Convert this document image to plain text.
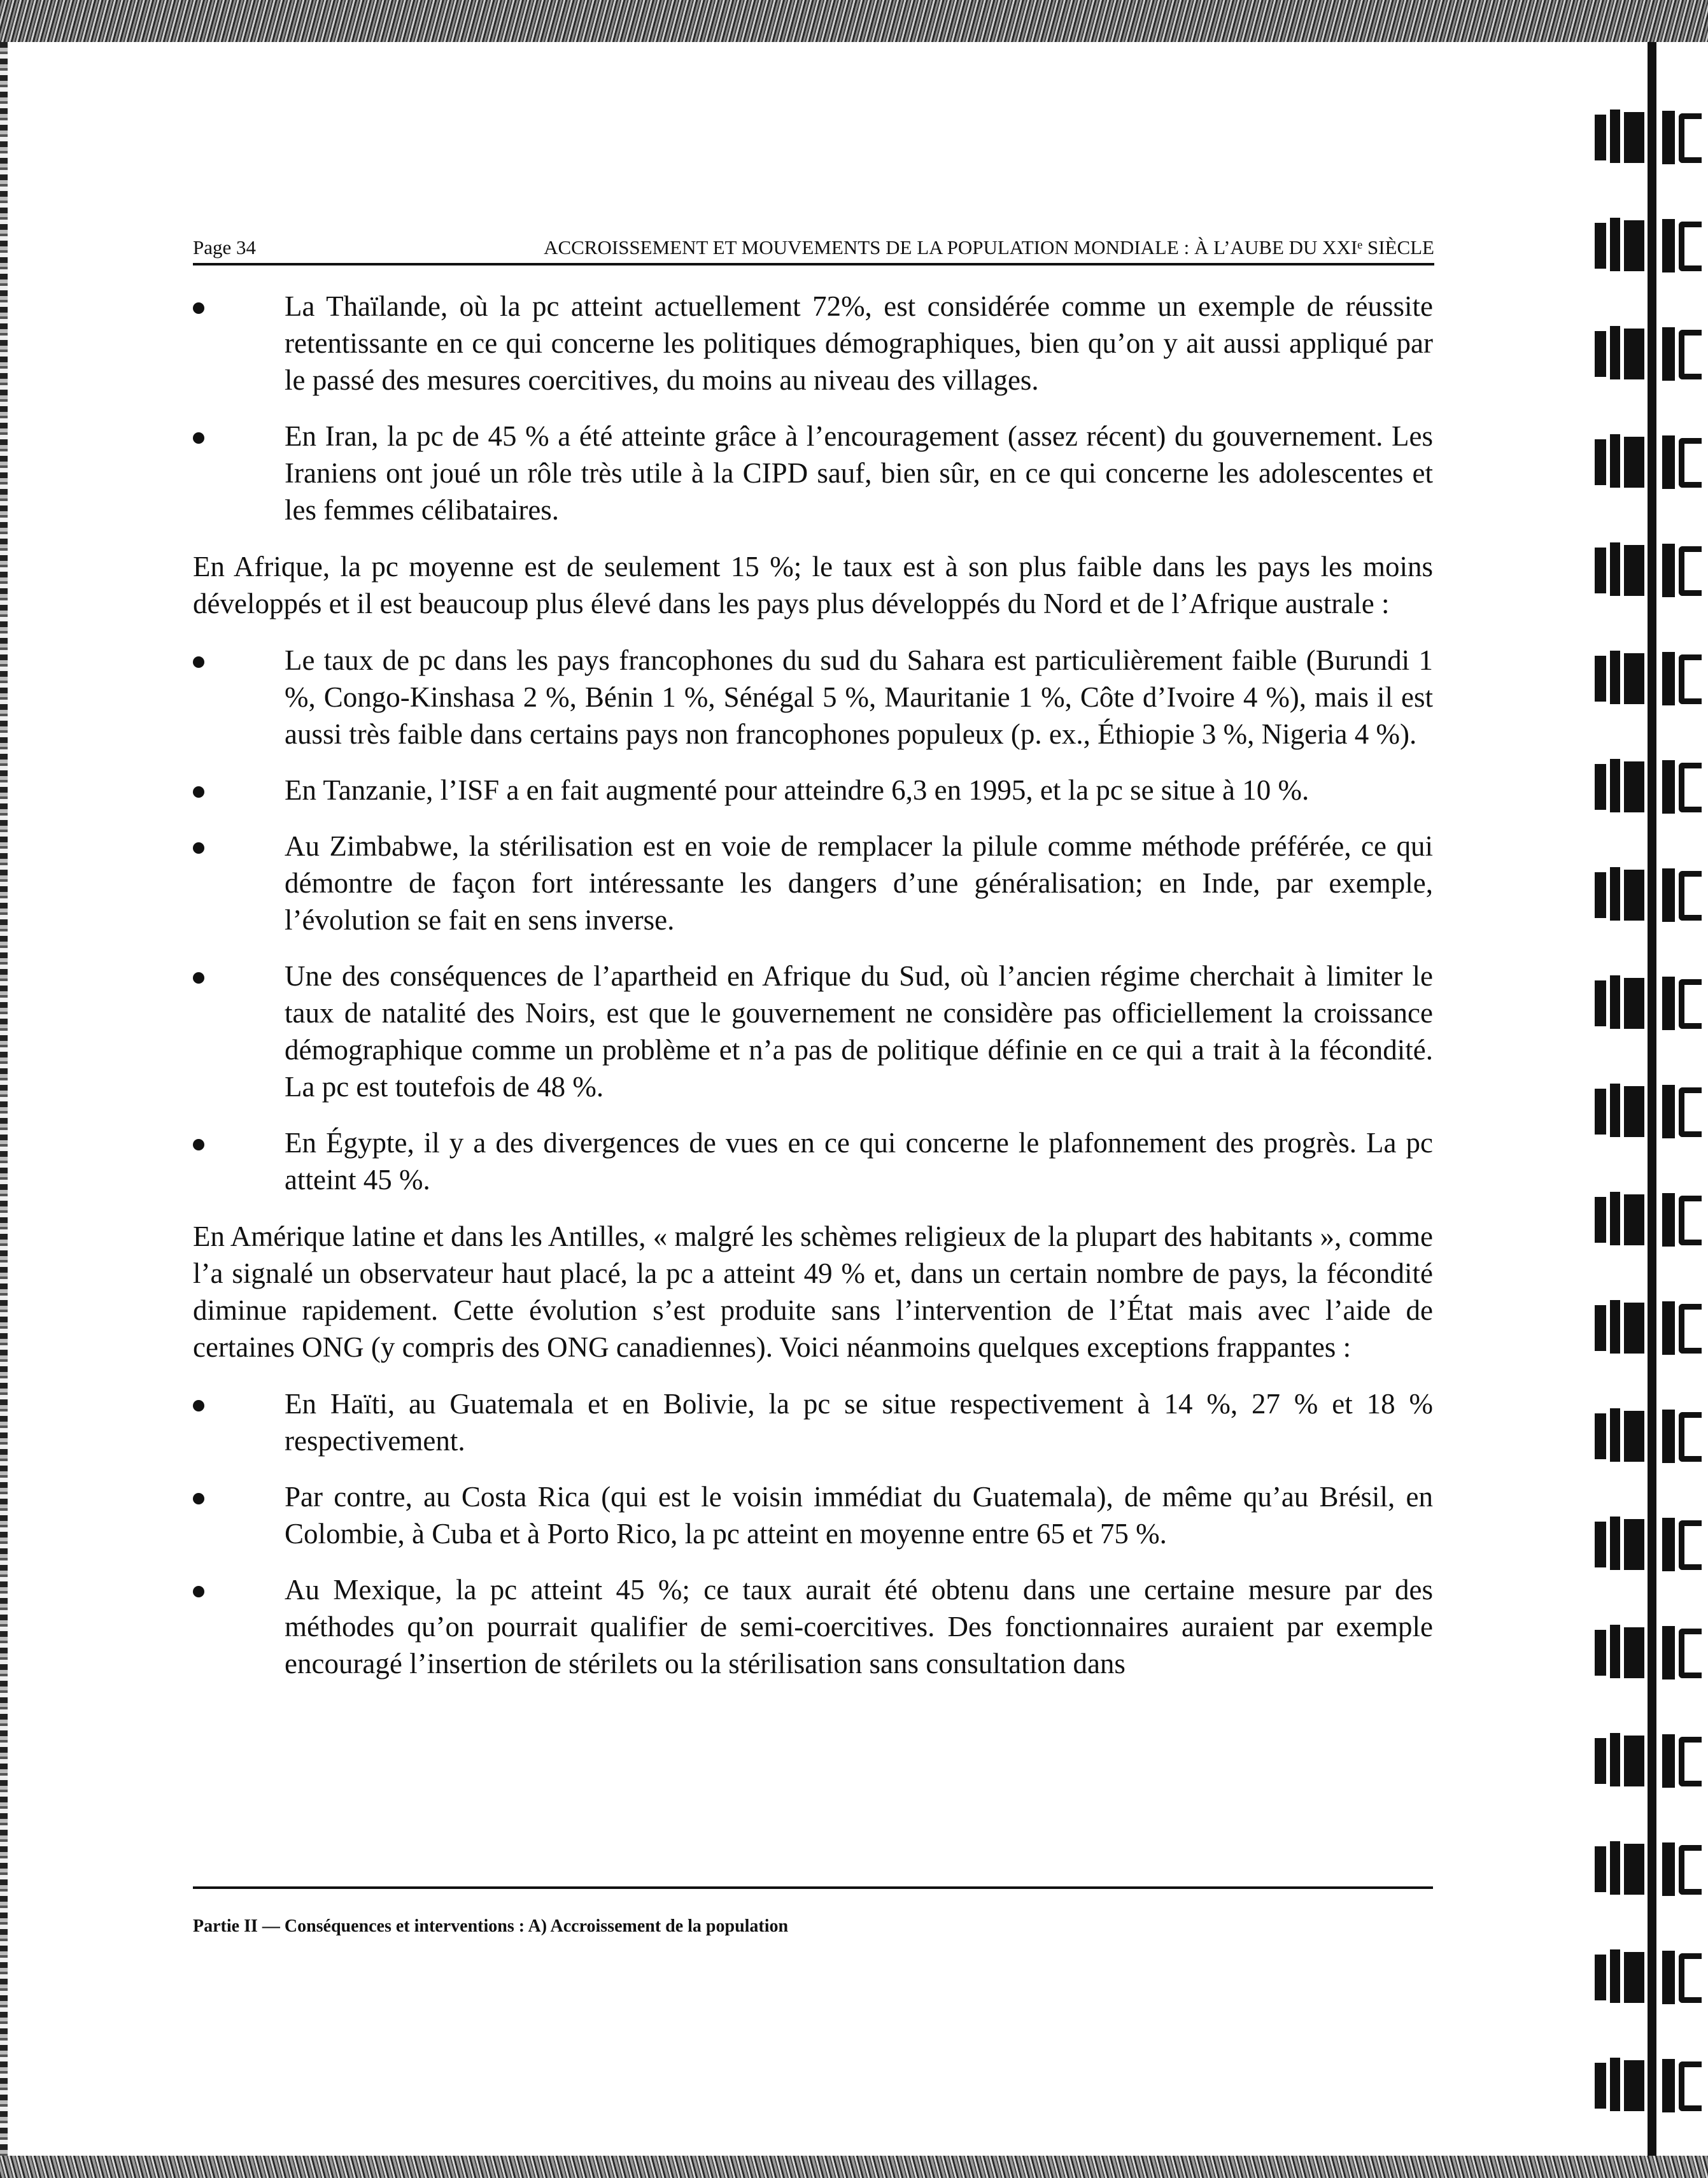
Page 34	ACCROISSEMENT ET MOUVEMENTS DE LA POPULATION MONDIALE : À L’AUBE DU XXIᵉ SIÈCLE
La Thaïlande, où la pc atteint actuellement 72%, est considérée comme un exemple de réussite retentissante en ce qui concerne les politiques démographiques, bien qu’on y ait aussi appliqué par le passé des mesures coercitives, du moins au niveau des villages.
En Iran, la pc de 45 % a été atteinte grâce à l’encouragement (assez récent) du gouvernement. Les Iraniens ont joué un rôle très utile à la CIPD sauf, bien sûr, en ce qui concerne les adolescentes et les femmes célibataires.

En Afrique, la pc moyenne est de seulement 15 %; le taux est à son plus faible dans les pays les moins développés et il est beaucoup plus élevé dans les pays plus développés du Nord et de l’Afrique australe :

Le taux de pc dans les pays francophones du sud du Sahara est particulièrement faible (Burundi 1 %, Congo-Kinshasa 2 %, Bénin 1 %, Sénégal 5 %, Mauritanie 1 %, Côte d’Ivoire 4 %), mais il est aussi très faible dans certains pays non francophones populeux (p. ex., Éthiopie 3 %, Nigeria 4 %).
En Tanzanie, l’ISF a en fait augmenté pour atteindre 6,3 en 1995, et la pc se situe à 10 %.
Au Zimbabwe, la stérilisation est en voie de remplacer la pilule comme méthode préférée, ce qui démontre de façon fort intéressante les dangers d’une généralisation; en Inde, par exemple, l’évolution se fait en sens inverse.
Une des conséquences de l’apartheid en Afrique du Sud, où l’ancien régime cherchait à limiter le taux de natalité des Noirs, est que le gouvernement ne considère pas officiellement la croissance démographique comme un problème et n’a pas de politique définie en ce qui a trait à la fécondité. La pc est toutefois de 48 %.
En Égypte, il y a des divergences de vues en ce qui concerne le plafonnement des progrès. La pc atteint 45 %.

En Amérique latine et dans les Antilles, « malgré les schèmes religieux de la plupart des habitants », comme l’a signalé un observateur haut placé, la pc a atteint 49 % et, dans un certain nombre de pays, la fécondité diminue rapidement. Cette évolution s’est produite sans l’intervention de l’État mais avec l’aide de certaines ONG (y compris des ONG canadiennes). Voici néanmoins quelques exceptions frappantes :

En Haïti, au Guatemala et en Bolivie, la pc se situe respectivement à 14 %, 27 % et 18 % respectivement.
Par contre, au Costa Rica (qui est le voisin immédiat du Guatemala), de même qu’au Brésil, en Colombie, à Cuba et à Porto Rico, la pc atteint en moyenne entre 65 et 75 %.
Au Mexique, la pc atteint 45 %; ce taux aurait été obtenu dans une certaine mesure par des méthodes qu’on pourrait qualifier de semi-coercitives. Des fonctionnaires auraient par exemple encouragé l’insertion de stérilets ou la stérilisation sans consultation dans
Partie II — Conséquences et interventions : A) Accroissement de la population
